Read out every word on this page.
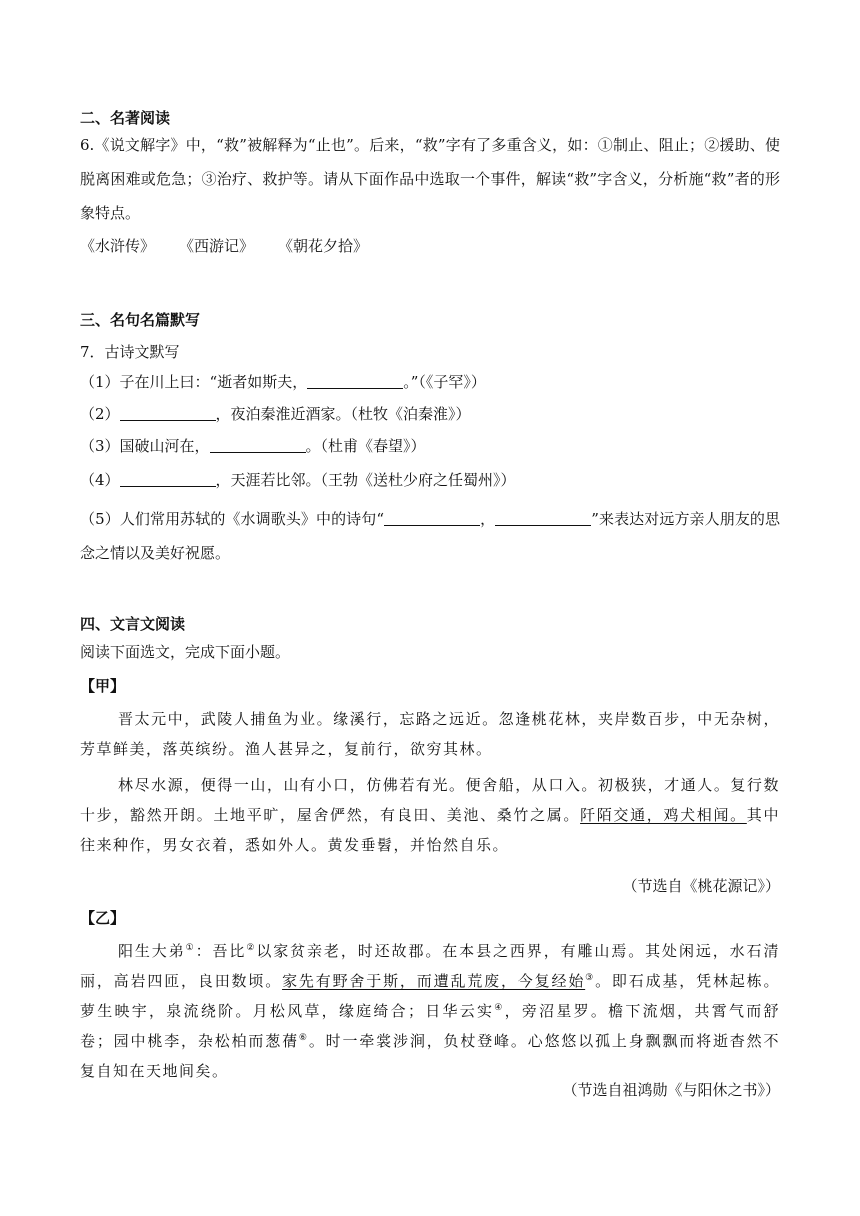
二、名著阅读
6.《说文解字》中，“救”被解释为“止也”。后来，“救”字有了多重含义，如：①制止、阻止；②援助、使脱离困难或危急；③治疗、救护等。请从下面作品中选取一个事件，解读“救”字含义，分析施“救”者的形象特点。
《水浒传》 《西游记》 《朝花夕拾》
三、名句名篇默写
7．古诗文默写
（1）子在川上曰：“逝者如斯夫，	。”（《子罕》）
（2）	，夜泊秦淮近酒家。（杜牧《泊秦淮》）
（3）国破山河在，	。（杜甫《春望》）
（4）	，天涯若比邻。（王勃《送杜少府之任蜀州》）
（5）人们常用苏轼的《水调歌头》中的诗句“	，	”来表达对远方亲人朋友的思念之情以及美好祝愿。
四、文言文阅读
阅读下面选文，完成下面小题。
【甲】
晋太元中，武陵人捕鱼为业。缘溪行，忘路之远近。忽逢桃花林，夹岸数百步，中无杂树，芳草鲜美，落英缤纷。渔人甚异之，复前行，欲穷其林。
林尽水源，便得一山，山有小口，仿佛若有光。便舍船，从口入。初极狭，才通人。复行数十步，豁然开朗。土地平旷，屋舍俨然，有良田、美池、桑竹之属。阡陌交通，鸡犬相闻。其中往来种作，男女衣着，悉如外人。黄发垂髫，并怡然自乐。
（节选自《桃花源记》）
【乙】
阳生大弟①：吾比②以家贫亲老，时还故郡。在本县之西界，有雕山焉。其处闲远，水石清丽，高岩四匝，良田数顷。家先有野舍于斯，而遭乱荒废，今复经始③。即石成基，凭林起栋。萝生映宇，泉流绕阶。月松风草，缘庭绮合；日华云实④，旁沼星罗。檐下流烟，共霄气而舒卷；园中桃李，杂松柏而葱蒨⑥。时一牵裳涉涧，负杖登峰。心悠悠以孤上身飘飘而将逝杳然不复自知在天地间矣。
（节选自祖鸿勋《与阳休之书》）
